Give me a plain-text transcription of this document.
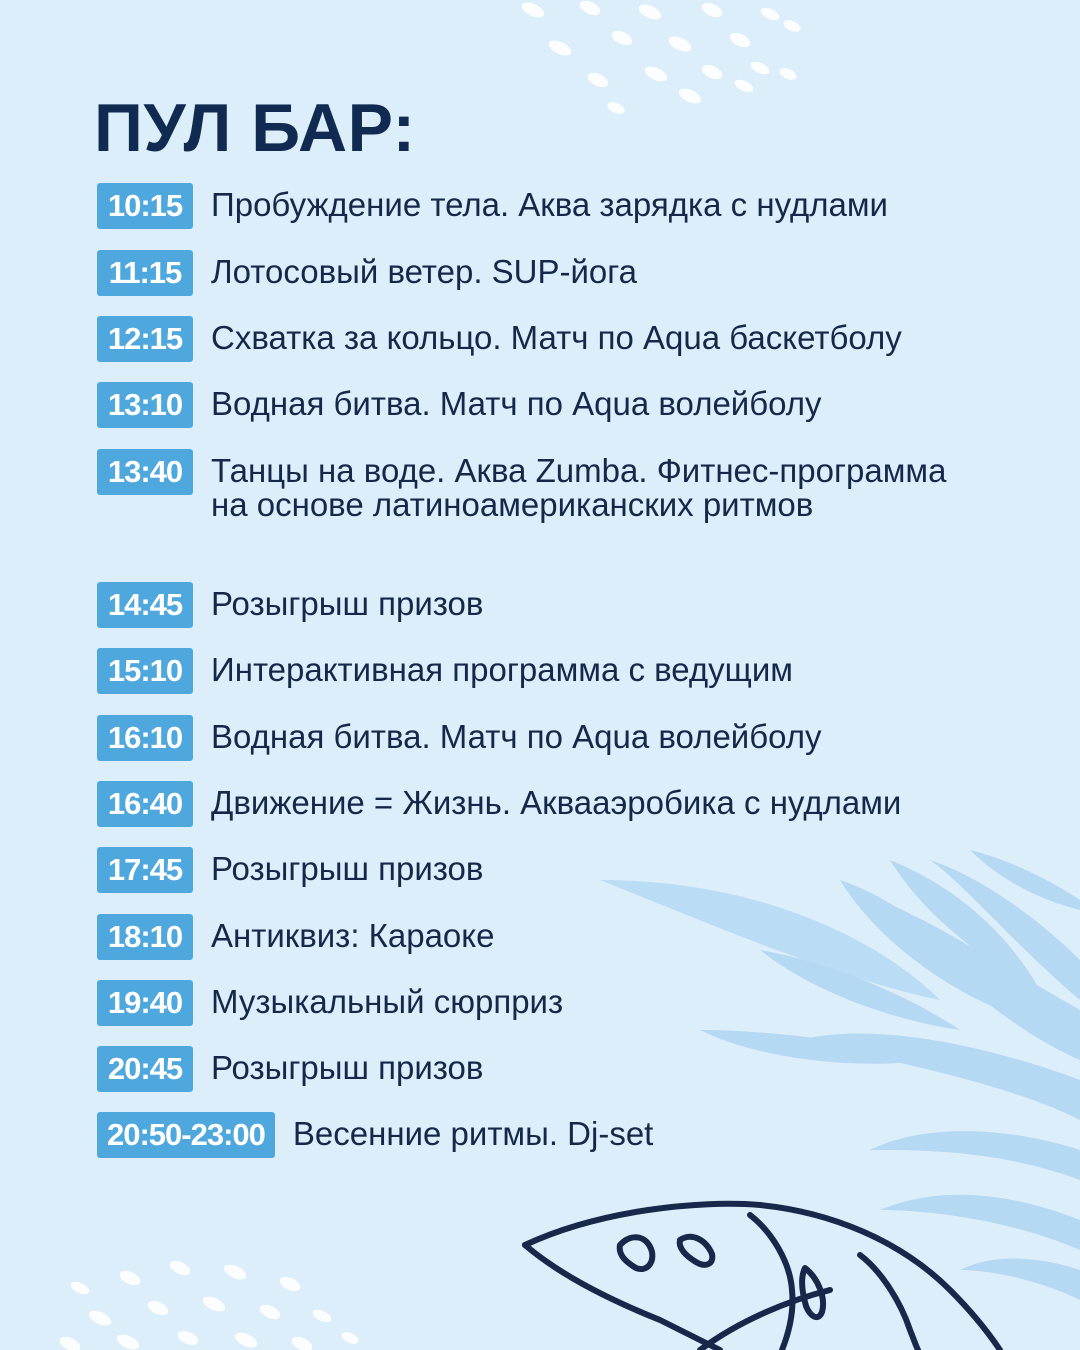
ПУЛ БАР:
10:15 Пробуждение тела. Аква зарядка с нудлами
11:15 Лотосовый ветер. SUP-йога
12:15 Схватка за кольцо. Матч по Aqua баскетболу
13:10 Водная битва. Матч по Aqua волейболу
13:40 Танцы на воде. Аква Zumba. Фитнес-программа на основе латиноамериканских ритмов
14:45 Розыгрыш призов
15:10 Интерактивная программа с ведущим
16:10 Водная битва. Матч по Aqua волейболу
16:40 Движение = Жизнь. Аквааэробика с нудлами
17:45 Розыгрыш призов
18:10 Антиквиз: Караоке
19:40 Музыкальный сюрприз
20:45 Розыгрыш призов
20:50-23:00 Весенние ритмы. Dj-set
